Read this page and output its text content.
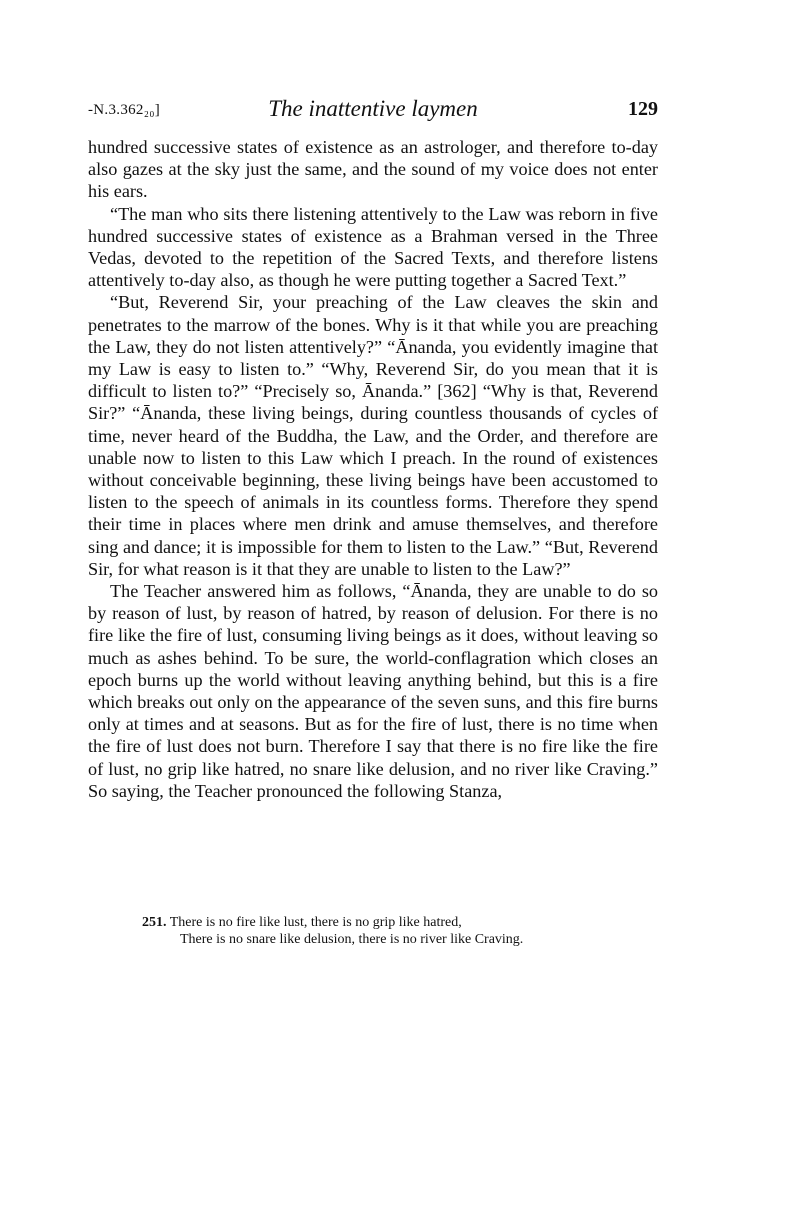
-N.3.362₂₀]	The inattentive laymen	129

hundred successive states of existence as an astrologer, and therefore to-day also gazes at the sky just the same, and the sound of my voice does not enter his ears.

“The man who sits there listening attentively to the Law was reborn in five hundred successive states of existence as a Brahman versed in the Three Vedas, devoted to the repetition of the Sacred Texts, and therefore listens attentively to-day also, as though he were putting together a Sacred Text.”

“But, Reverend Sir, your preaching of the Law cleaves the skin and penetrates to the marrow of the bones. Why is it that while you are preaching the Law, they do not listen attentively?” “Ānanda, you evidently imagine that my Law is easy to listen to.” “Why, Reverend Sir, do you mean that it is difficult to listen to?” “Precisely so, Ānanda.” [362] “Why is that, Reverend Sir?” “Ānanda, these living beings, during countless thousands of cycles of time, never heard of the Buddha, the Law, and the Order, and therefore are unable now to listen to this Law which I preach. In the round of existences without conceivable beginning, these living beings have been accustomed to listen to the speech of animals in its countless forms. Therefore they spend their time in places where men drink and amuse themselves, and therefore sing and dance; it is impossible for them to listen to the Law.” “But, Reverend Sir, for what reason is it that they are unable to listen to the Law?”

The Teacher answered him as follows, “Ānanda, they are unable to do so by reason of lust, by reason of hatred, by reason of delusion. For there is no fire like the fire of lust, consuming living beings as it does, without leaving so much as ashes behind. To be sure, the world-conflagration which closes an epoch burns up the world without leaving anything behind, but this is a fire which breaks out only on the appearance of the seven suns, and this fire burns only at times and at seasons. But as for the fire of lust, there is no time when the fire of lust does not burn. Therefore I say that there is no fire like the fire of lust, no grip like hatred, no snare like delusion, and no river like Craving.” So saying, the Teacher pronounced the following Stanza,

251. There is no fire like lust, there is no grip like hatred,
There is no snare like delusion, there is no river like Craving.
